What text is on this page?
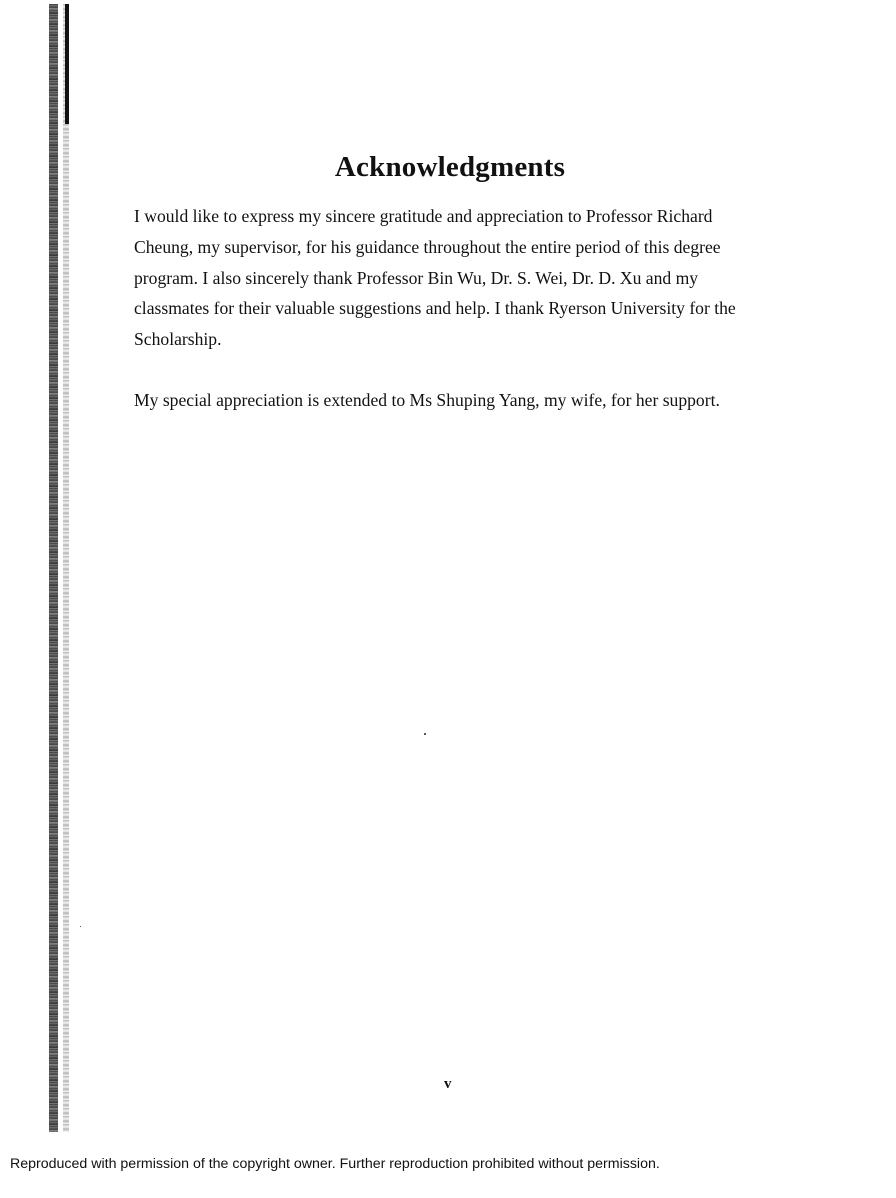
Acknowledgments

I would like to express my sincere gratitude and appreciation to Professor Richard Cheung, my supervisor, for his guidance throughout the entire period of this degree program. I also sincerely thank Professor Bin Wu, Dr. S. Wei, Dr. D. Xu and my classmates for their valuable suggestions and help. I thank Ryerson University for the Scholarship.

My special appreciation is extended to Ms Shuping Yang, my wife, for her support.

v
Reproduced with permission of the copyright owner. Further reproduction prohibited without permission.
